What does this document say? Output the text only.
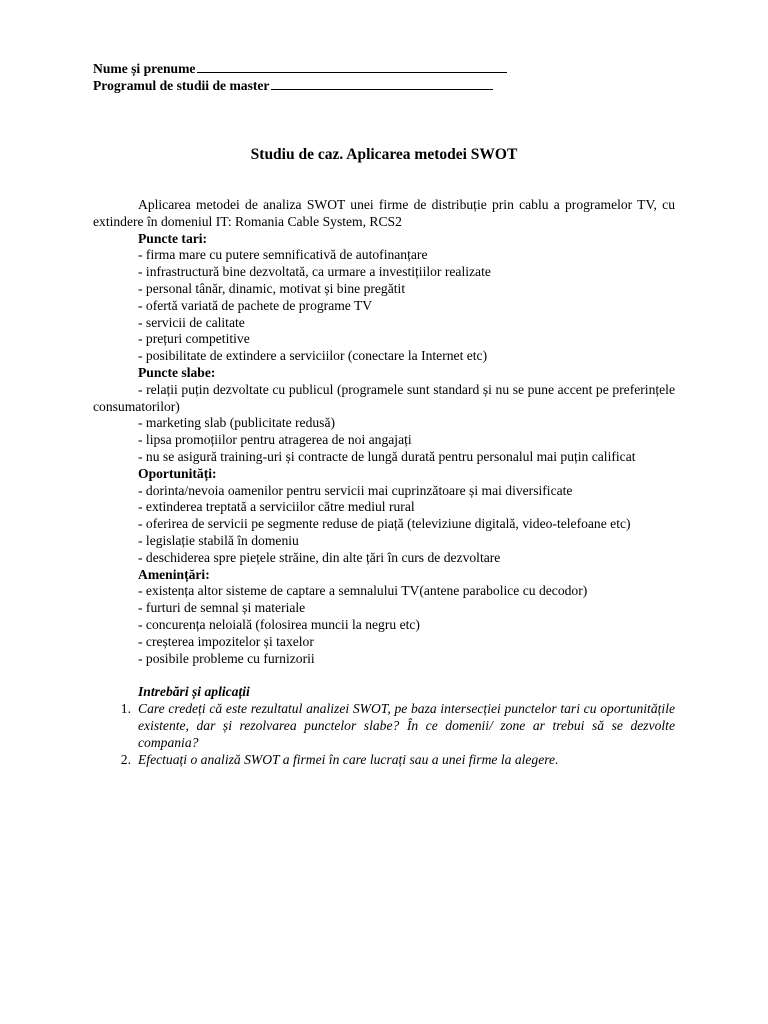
Nume și prenume
Programul de studii de master
Studiu de caz. Aplicarea metodei SWOT
Aplicarea metodei de analiza SWOT unei firme de distribuție prin cablu a programelor TV, cu extindere în domeniul IT: Romania Cable System, RCS2
Puncte tari:
- firma mare cu putere semnificativă de autofinanțare
- infrastructură bine dezvoltată, ca urmare a investițiilor realizate
- personal tânăr, dinamic, motivat și bine pregătit
- ofertă variată de pachete de programe TV
- servicii de calitate
- prețuri competitive
- posibilitate de extindere a serviciilor (conectare la Internet etc)
Puncte slabe:
- relații puțin dezvoltate cu publicul (programele sunt standard și nu se pune accent pe preferințele consumatorilor)
- marketing slab (publicitate redusă)
- lipsa promoțiilor pentru atragerea de noi angajați
- nu se asigură training-uri și contracte de lungă durată pentru personalul mai puțin calificat
Oportunități:
- dorinta/nevoia oamenilor pentru servicii mai cuprinzătoare și mai diversificate
- extinderea treptată a serviciilor către mediul rural
- oferirea de servicii pe segmente reduse de piață (televiziune digitală, video-telefoane etc)
- legislație stabilă în domeniu
- deschiderea spre piețele străine, din alte țări în curs de dezvoltare
Amenințări:
- existența altor sisteme de captare a semnalului TV(antene parabolice cu decodor)
- furturi de semnal și materiale
- concurența neloială (folosirea muncii la negru etc)
- creșterea impozitelor și taxelor
- posibile probleme cu furnizorii
Intrebări și aplicații
1. Care credeți că este rezultatul analizei SWOT, pe baza intersecției punctelor tari cu oportunitățile existente, dar și rezolvarea punctelor slabe? În ce domenii/ zone ar trebui să se dezvolte compania?
2. Efectuați o analiză SWOT a firmei în care lucrați sau a unei firme la alegere.
